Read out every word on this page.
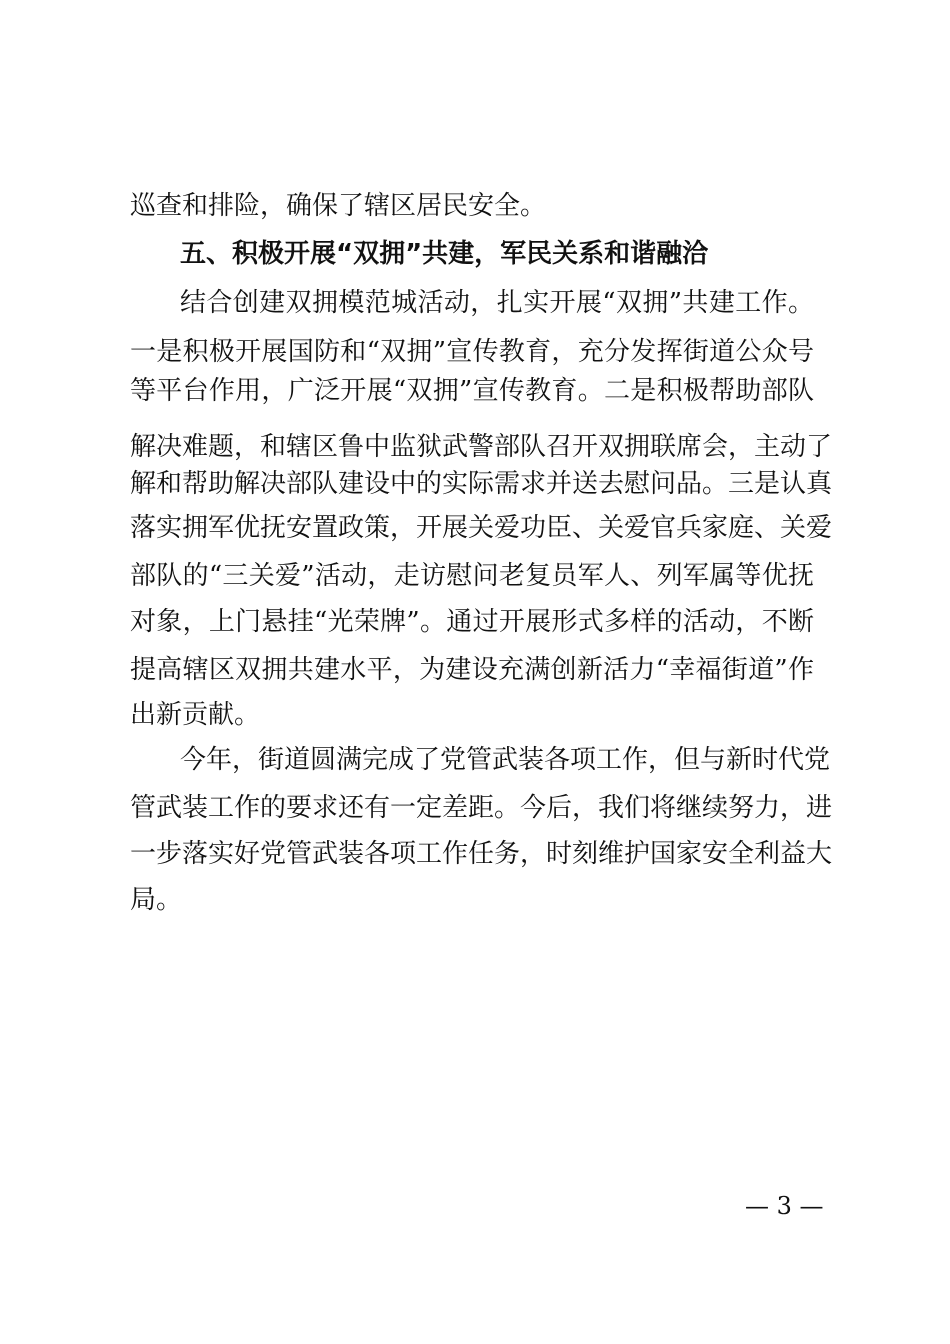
巡查和排险，确保了辖区居民安全。
五、积极开展“双拥”共建，军民关系和谐融洽
结合创建双拥模范城活动，扎实开展“双拥”共建工作。
一是积极开展国防和“双拥”宣传教育，充分发挥街道公众号
等平台作用，广泛开展“双拥”宣传教育。二是积极帮助部队
解决难题，和辖区鲁中监狱武警部队召开双拥联席会，主动了
解和帮助解决部队建设中的实际需求并送去慰问品。三是认真
落实拥军优抚安置政策，开展关爱功臣、关爱官兵家庭、关爱
部队的“三关爱”活动，走访慰问老复员军人、列军属等优抚
对象，上门悬挂“光荣牌”。通过开展形式多样的活动，不断
提高辖区双拥共建水平，为建设充满创新活力“幸福街道”作
出新贡献。
今年，街道圆满完成了党管武装各项工作，但与新时代党
管武装工作的要求还有一定差距。今后，我们将继续努力，进
一步落实好党管武装各项工作任务，时刻维护国家安全利益大
局。
— 3 —
